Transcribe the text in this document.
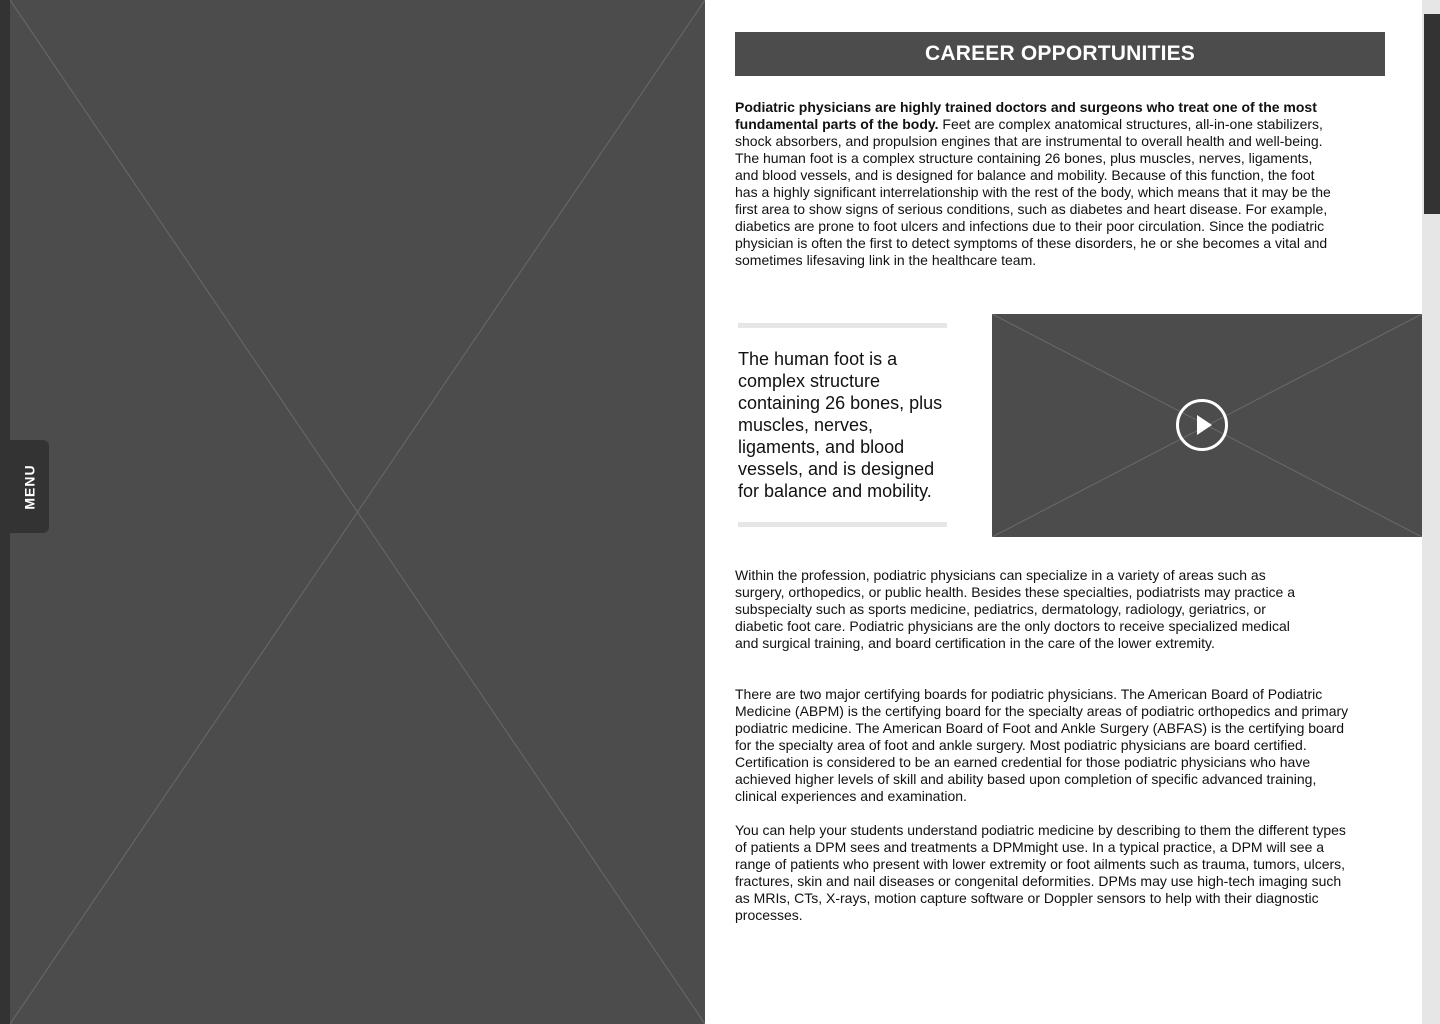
MENU
CAREER OPPORTUNITIES

Podiatric physicians are highly trained doctors and surgeons who treat one of the most fundamental parts of the body. Feet are complex anatomical structures, all-in-one stabilizers, shock absorbers, and propulsion engines that are instrumental to overall health and well-being. The human foot is a complex structure containing 26 bones, plus muscles, nerves, ligaments, and blood vessels, and is designed for balance and mobility. Because of this function, the foot has a highly significant interrelationship with the rest of the body, which means that it may be the first area to show signs of serious conditions, such as diabetes and heart disease. For example, diabetics are prone to foot ulcers and infections due to their poor circulation. Since the podiatric physician is often the first to detect symptoms of these disorders, he or she becomes a vital and sometimes lifesaving link in the healthcare team.

The human foot is a complex structure containing 26 bones, plus muscles, nerves, ligaments, and blood vessels, and is designed for balance and mobility.

Within the profession, podiatric physicians can specialize in a variety of areas such as surgery, orthopedics, or public health. Besides these specialties, podiatrists may practice a subspecialty such as sports medicine, pediatrics, dermatology, radiology, geriatrics, or diabetic foot care. Podiatric physicians are the only doctors to receive specialized medical and surgical training, and board certification in the care of the lower extremity.

There are two major certifying boards for podiatric physicians. The American Board of Podiatric Medicine (ABPM) is the certifying board for the specialty areas of podiatric orthopedics and primary podiatric medicine. The American Board of Foot and Ankle Surgery (ABFAS) is the certifying board for the specialty area of foot and ankle surgery. Most podiatric physicians are board certified. Certification is considered to be an earned credential for those podiatric physicians who have achieved higher levels of skill and ability based upon completion of specific advanced training, clinical experiences and examination.

You can help your students understand podiatric medicine by describing to them the different types of patients a DPM sees and treatments a DPMmight use. In a typical practice, a DPM will see a range of patients who present with lower extremity or foot ailments such as trauma, tumors, ulcers, fractures, skin and nail diseases or congenital deformities. DPMs may use high-tech imaging such as MRIs, CTs, X-rays, motion capture software or Doppler sensors to help with their diagnostic processes.
